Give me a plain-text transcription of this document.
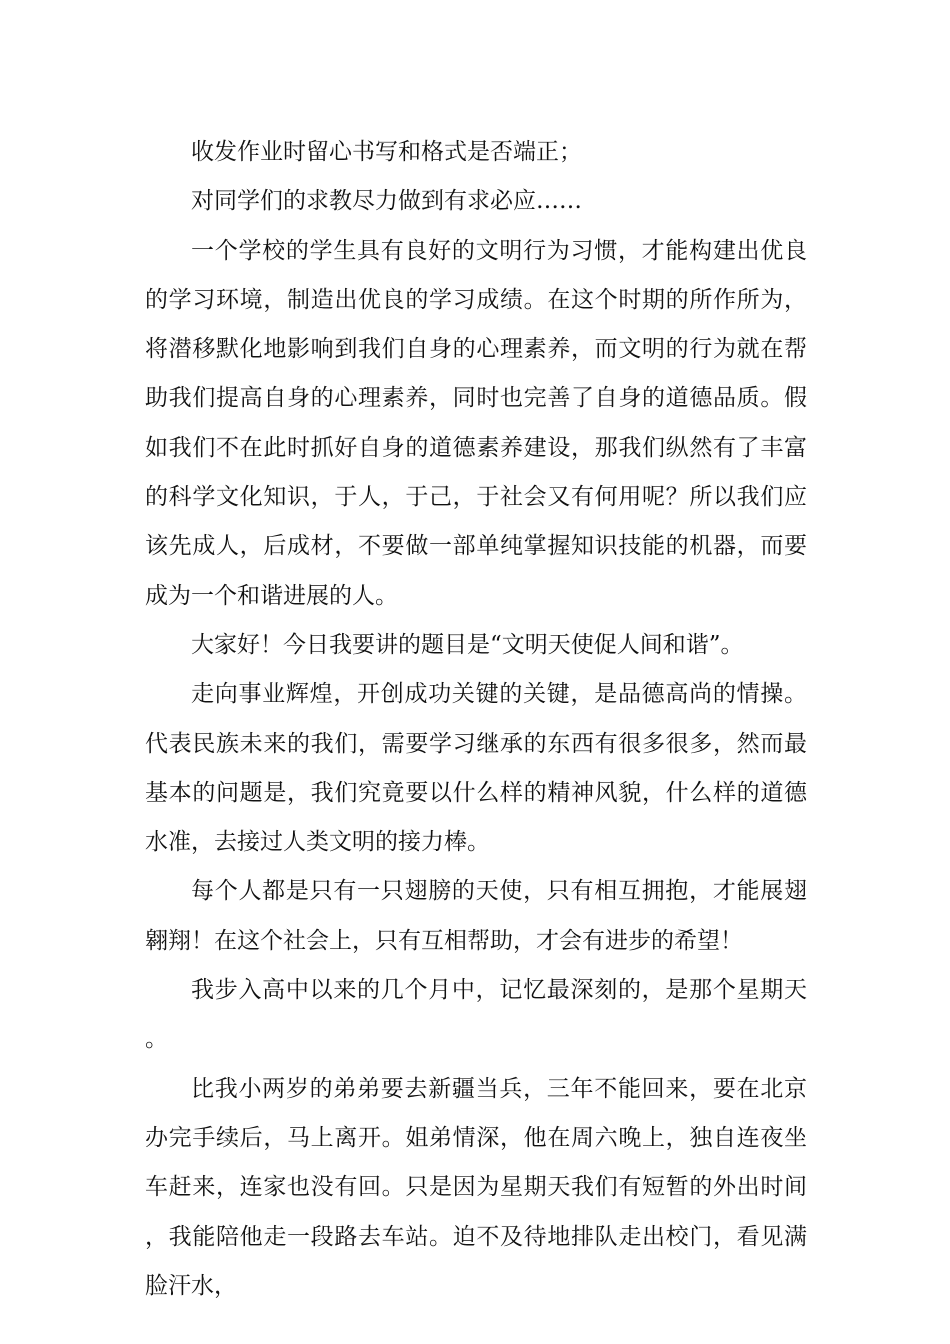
收发作业时留心书写和格式是否端正；

对同学们的求教尽力做到有求必应……

一个学校的学生具有良好的文明行为习惯，才能构建出优良的学习环境，制造出优良的学习成绩。在这个时期的所作所为，将潜移默化地影响到我们自身的心理素养，而文明的行为就在帮助我们提高自身的心理素养，同时也完善了自身的道德品质。假如我们不在此时抓好自身的道德素养建设，那我们纵然有了丰富的科学文化知识，于人，于己，于社会又有何用呢？所以我们应该先成人，后成材，不要做一部单纯掌握知识技能的机器，而要成为一个和谐进展的人。

大家好！今日我要讲的题目是“文明天使促人间和谐”。

走向事业辉煌，开创成功关键的关键，是品德高尚的情操。代表民族未来的我们，需要学习继承的东西有很多很多，然而最基本的问题是，我们究竟要以什么样的精神风貌，什么样的道德水准，去接过人类文明的接力棒。

每个人都是只有一只翅膀的天使，只有相互拥抱，才能展翅翱翔！在这个社会上，只有互相帮助，才会有进步的希望！

我步入高中以来的几个月中，记忆最深刻的，是那个星期天。

比我小两岁的弟弟要去新疆当兵，三年不能回来，要在北京办完手续后，马上离开。姐弟情深，他在周六晚上，独自连夜坐车赶来，连家也没有回。只是因为星期天我们有短暂的外出时间，我能陪他走一段路去车站。迫不及待地排队走出校门，看见满脸汗水，
